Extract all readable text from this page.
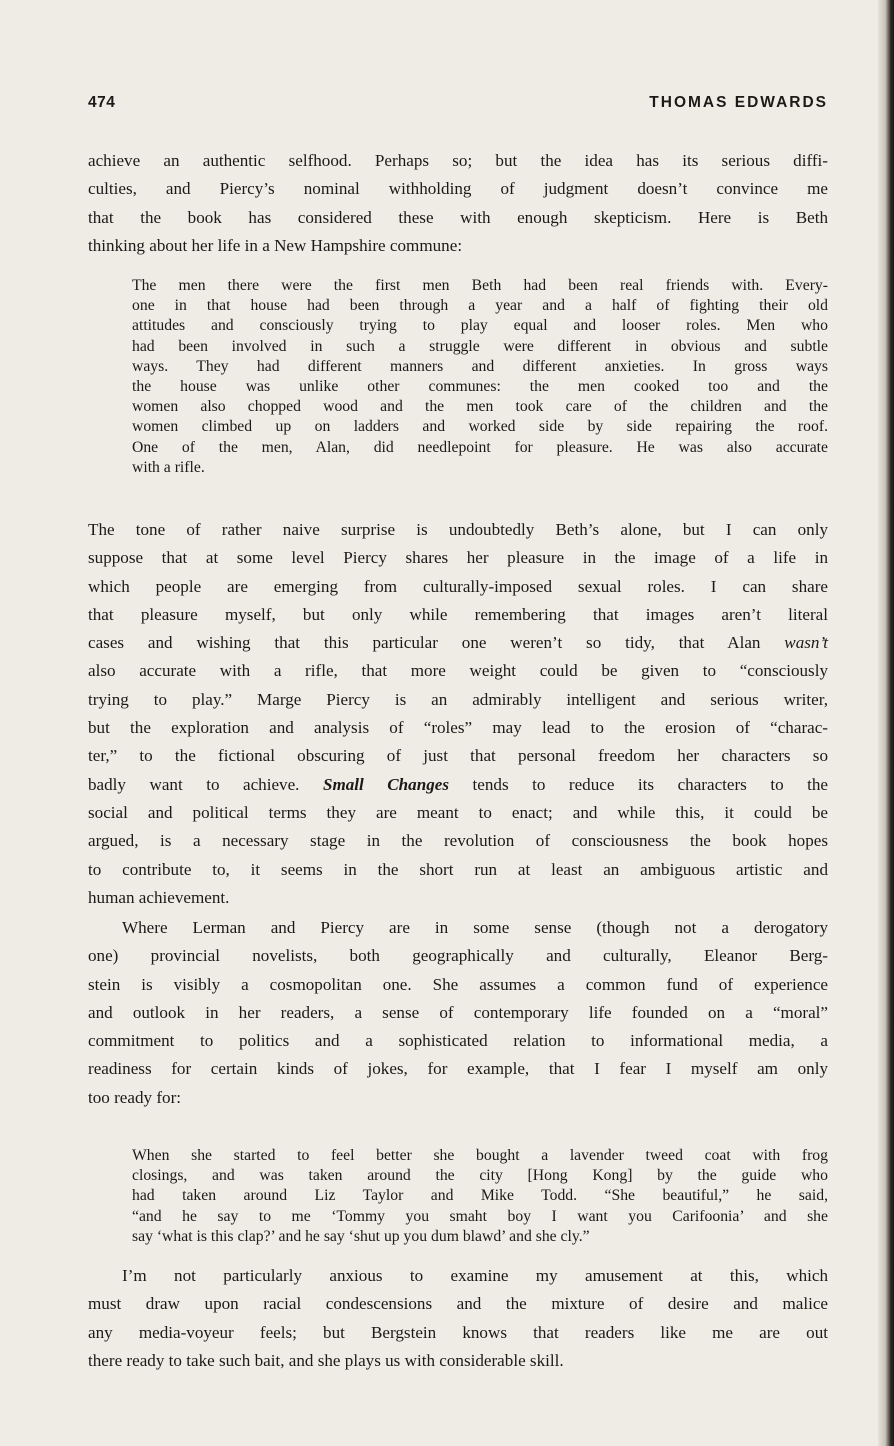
474	THOMAS EDWARDS
achieve an authentic selfhood. Perhaps so; but the idea has its serious diffi-
culties, and Piercy’s nominal withholding of judgment doesn’t convince me
that the book has considered these with enough skepticism. Here is Beth
thinking about her life in a New Hampshire commune:
The men there were the first men Beth had been real friends with. Every-
one in that house had been through a year and a half of fighting their old
attitudes and consciously trying to play equal and looser roles. Men who
had been involved in such a struggle were different in obvious and subtle
ways. They had different manners and different anxieties. In gross ways
the house was unlike other communes: the men cooked too and the
women also chopped wood and the men took care of the children and the
women climbed up on ladders and worked side by side repairing the roof.
One of the men, Alan, did needlepoint for pleasure. He was also accurate
with a rifle.
The tone of rather naive surprise is undoubtedly Beth’s alone, but I can only
suppose that at some level Piercy shares her pleasure in the image of a life in
which people are emerging from culturally-imposed sexual roles. I can share
that pleasure myself, but only while remembering that images aren’t literal
cases and wishing that this particular one weren’t so tidy, that Alan wasn’t
also accurate with a rifle, that more weight could be given to “consciously
trying to play.” Marge Piercy is an admirably intelligent and serious writer,
but the exploration and analysis of “roles” may lead to the erosion of “charac-
ter,” to the fictional obscuring of just that personal freedom her characters so
badly want to achieve. Small Changes tends to reduce its characters to the
social and political terms they are meant to enact; and while this, it could be
argued, is a necessary stage in the revolution of consciousness the book hopes
to contribute to, it seems in the short run at least an ambiguous artistic and
human achievement.
Where Lerman and Piercy are in some sense (though not a derogatory
one) provincial novelists, both geographically and culturally, Eleanor Berg-
stein is visibly a cosmopolitan one. She assumes a common fund of experience
and outlook in her readers, a sense of contemporary life founded on a “moral”
commitment to politics and a sophisticated relation to informational media, a
readiness for certain kinds of jokes, for example, that I fear I myself am only
too ready for:
When she started to feel better she bought a lavender tweed coat with frog
closings, and was taken around the city [Hong Kong] by the guide who
had taken around Liz Taylor and Mike Todd. “She beautiful,” he said,
“and he say to me ‘Tommy you smaht boy I want you Carifoonia’ and she
say ‘what is this clap?’ and he say ‘shut up you dum blawd’ and she cly.”
I’m not particularly anxious to examine my amusement at this, which
must draw upon racial condescensions and the mixture of desire and malice
any media-voyeur feels; but Bergstein knows that readers like me are out
there ready to take such bait, and she plays us with considerable skill.
